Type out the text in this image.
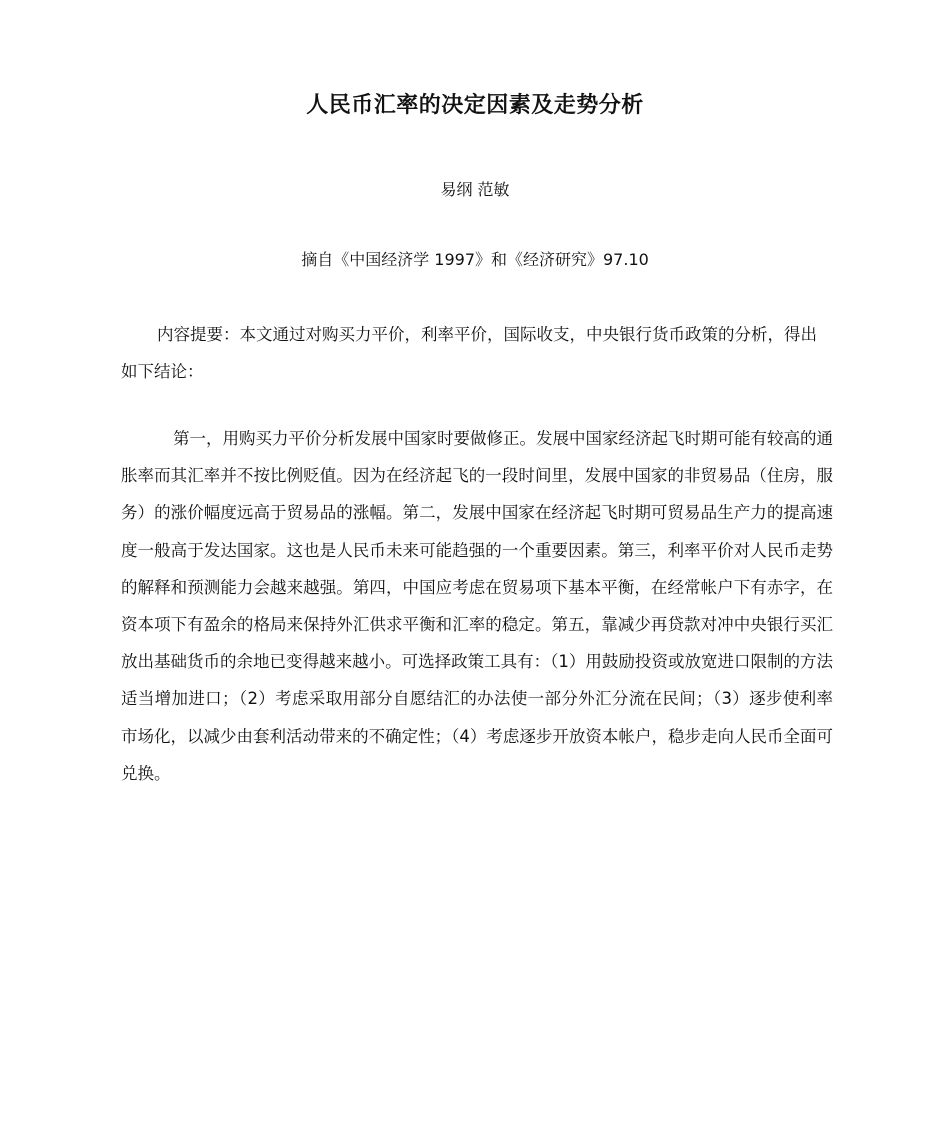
人民币汇率的决定因素及走势分析
易纲 范敏
摘自《中国经济学 1997》和《经济研究》97.10

内容提要：本文通过对购买力平价，利率平价，国际收支，中央银行货币政策的分析，得出如下结论：

第一，用购买力平价分析发展中国家时要做修正。发展中国家经济起飞时期可能有较高的通胀率而其汇率并不按比例贬值。因为在经济起飞的一段时间里，发展中国家的非贸易品（住房，服务）的涨价幅度远高于贸易品的涨幅。第二，发展中国家在经济起飞时期可贸易品生产力的提高速度一般高于发达国家。这也是人民币未来可能趋强的一个重要因素。第三，利率平价对人民币走势的解释和预测能力会越来越强。第四，中国应考虑在贸易项下基本平衡，在经常帐户下有赤字，在资本项下有盈余的格局来保持外汇供求平衡和汇率的稳定。第五，靠减少再贷款对冲中央银行买汇放出基础货币的余地已变得越来越小。可选择政策工具有：（1）用鼓励投资或放宽进口限制的方法适当增加进口；（2）考虑采取用部分自愿结汇的办法使一部分外汇分流在民间；（3）逐步使利率市场化，以减少由套利活动带来的不确定性；（4）考虑逐步开放资本帐户，稳步走向人民币全面可兑换。
